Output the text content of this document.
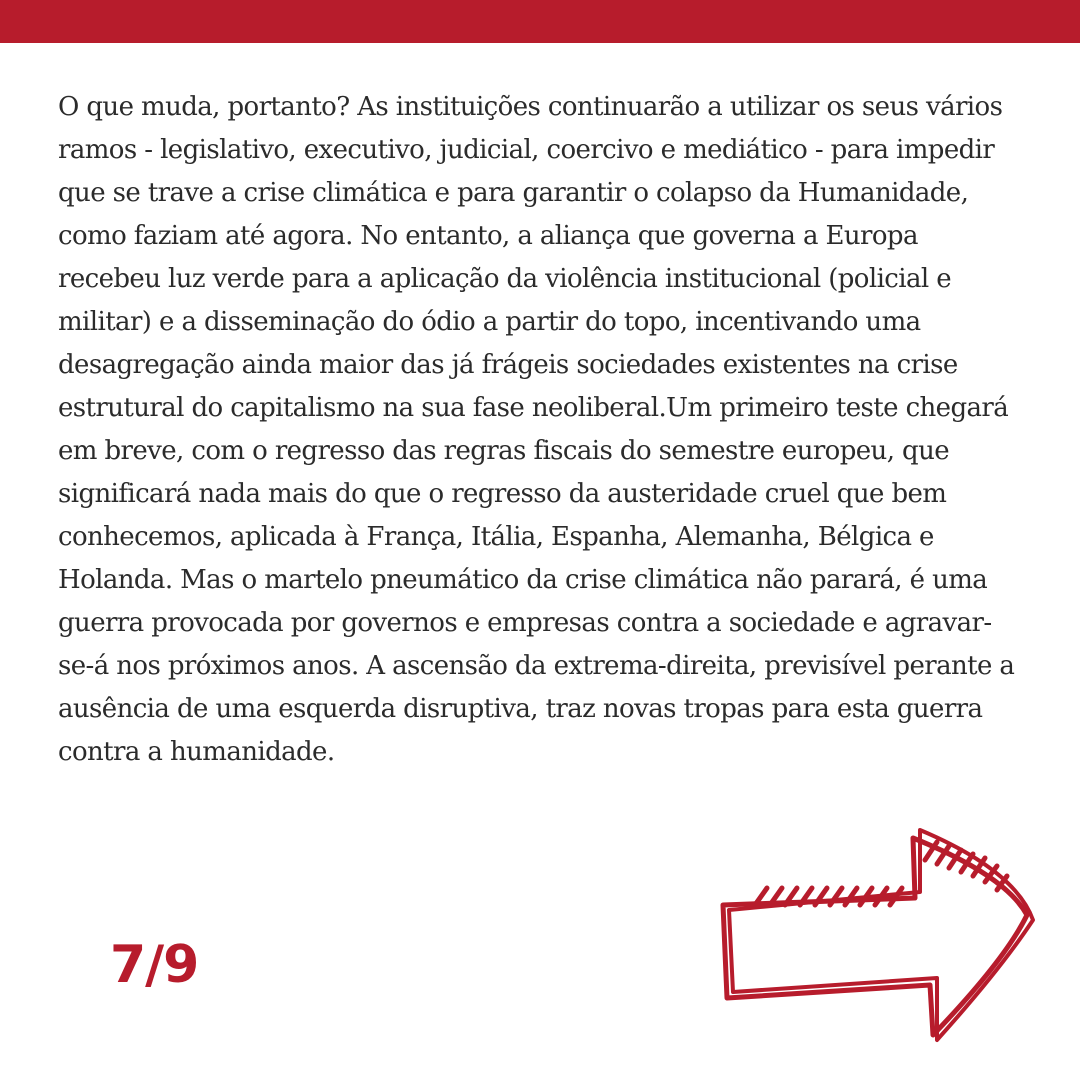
O que muda, portanto? As instituições continuarão a utilizar os seus vários ramos - legislativo, executivo, judicial, coercivo e mediático - para impedir que se trave a crise climática e para garantir o colapso da Humanidade, como faziam até agora. No entanto, a aliança que governa a Europa recebeu luz verde para a aplicação da violência institucional (policial e militar) e a disseminação do ódio a partir do topo, incentivando uma desagregação ainda maior das já frágeis sociedades existentes na crise estrutural do capitalismo na sua fase neoliberal.Um primeiro teste chegará em breve, com o regresso das regras fiscais do semestre europeu, que significará nada mais do que o regresso da austeridade cruel que bem conhecemos, aplicada à França, Itália, Espanha, Alemanha, Bélgica e Holanda. Mas o martelo pneumático da crise climática não parará, é uma guerra provocada por governos e empresas contra a sociedade e agravar-se-á nos próximos anos. A ascensão da extrema-direita, previsível perante a ausência de uma esquerda disruptiva, traz novas tropas para esta guerra contra a humanidade.

7/9
